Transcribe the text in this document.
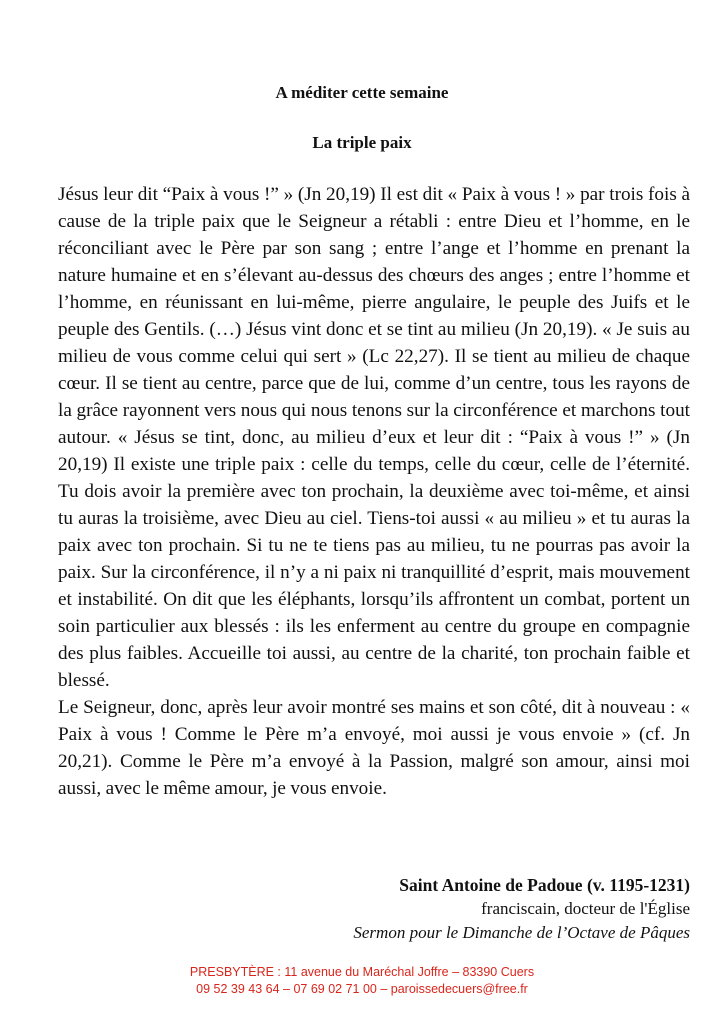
A méditer cette semaine
La triple paix

Jésus leur dit “Paix à vous !” » (Jn 20,19) Il est dit « Paix à vous ! » par trois fois à cause de la triple paix que le Seigneur a rétabli : entre Dieu et l’homme, en le réconciliant avec le Père par son sang ; entre l’ange et l’homme en prenant la nature humaine et en s’élevant au-dessus des chœurs des anges ; entre l’homme et l’homme, en réunissant en lui-même, pierre angulaire, le peuple des Juifs et le peuple des Gentils. (…) Jésus vint donc et se tint au milieu (Jn 20,19). « Je suis au milieu de vous comme celui qui sert » (Lc 22,27). Il se tient au milieu de chaque cœur. Il se tient au centre, parce que de lui, comme d’un centre, tous les rayons de la grâce rayonnent vers nous qui nous tenons sur la circonférence et marchons tout autour. « Jésus se tint, donc, au milieu d’eux et leur dit : “Paix à vous !” » (Jn 20,19) Il existe une triple paix : celle du temps, celle du cœur, celle de l’éternité. Tu dois avoir la première avec ton prochain, la deuxième avec toi-même, et ainsi tu auras la troisième, avec Dieu au ciel. Tiens-toi aussi « au milieu » et tu auras la paix avec ton prochain. Si tu ne te tiens pas au milieu, tu ne pourras pas avoir la paix. Sur la circonférence, il n’y a ni paix ni tranquillité d’esprit, mais mouvement et instabilité. On dit que les éléphants, lorsqu’ils affrontent un combat, portent un soin particulier aux blessés : ils les enferment au centre du groupe en compagnie des plus faibles. Accueille toi aussi, au centre de la charité, ton prochain faible et blessé.

Le Seigneur, donc, après leur avoir montré ses mains et son côté, dit à nouveau : « Paix à vous ! Comme le Père m’a envoyé, moi aussi je vous envoie » (cf. Jn 20,21). Comme le Père m’a envoyé à la Passion, malgré son amour, ainsi moi aussi, avec le même amour, je vous envoie.

Saint Antoine de Padoue (v. 1195-1231)
franciscain, docteur de l'Église
Sermon pour le Dimanche de l’Octave de Pâques
PRESBYTÈRE : 11 avenue du Maréchal Joffre – 83390 Cuers
09 52 39 43 64 – 07 69 02 71 00 – paroissedecuers@free.fr
